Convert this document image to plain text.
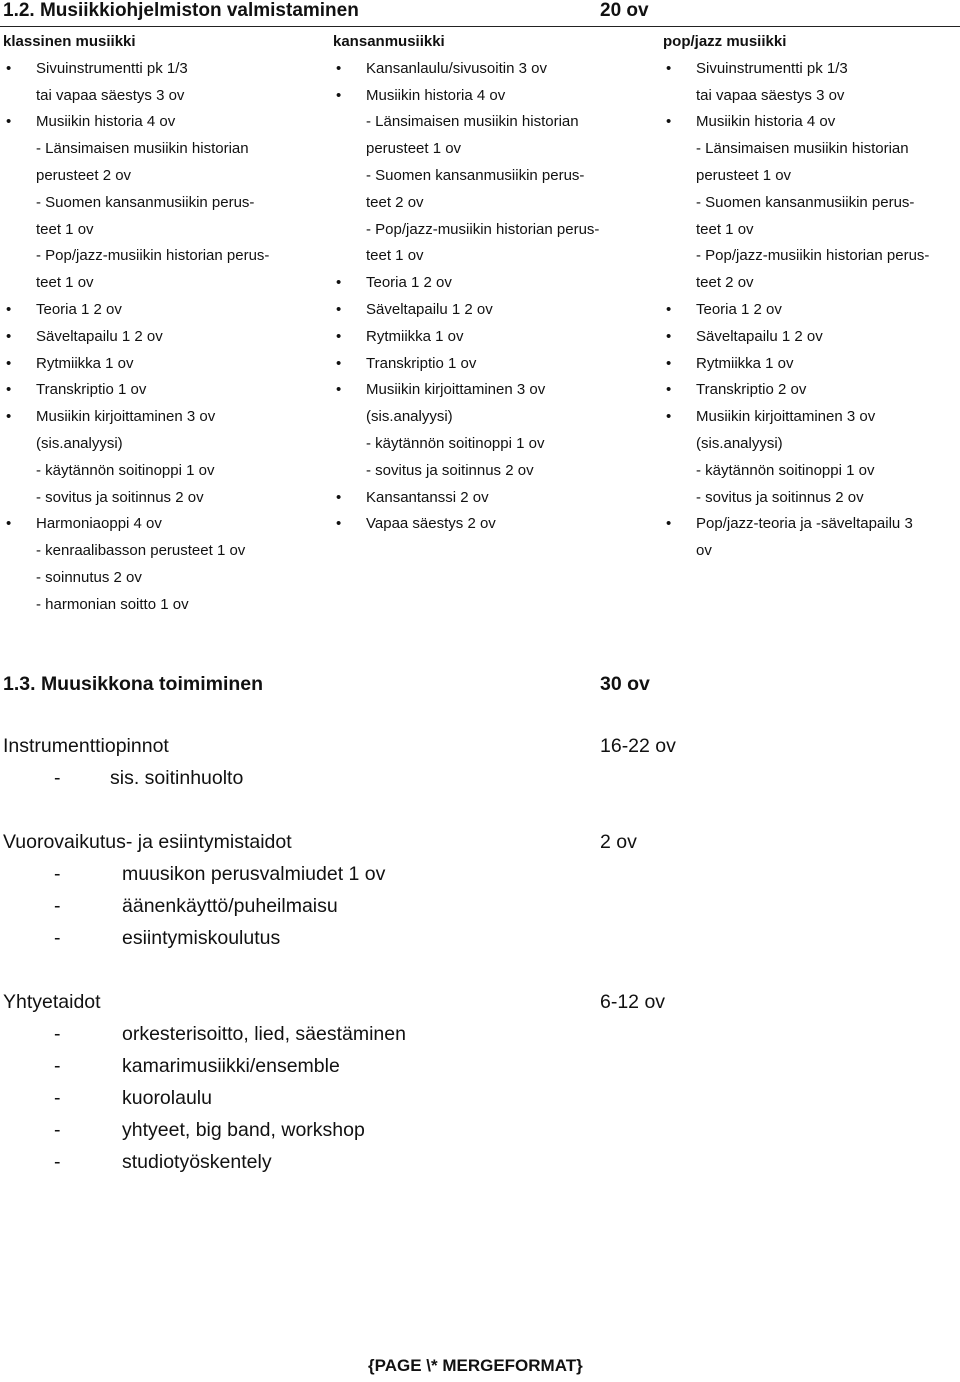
1.2. Musiikkiohjelmiston valmistaminen	20 ov
klassinen musiikki
• Sivuinstrumentti pk 1/3
tai vapaa säestys 3 ov
• Musiikin historia 4 ov
- Länsimaisen musiikin historian
perusteet 2 ov
- Suomen kansanmusiikin perus-
teet 1 ov
- Pop/jazz-musiikin historian perus-
teet 1 ov
• Teoria 1 2 ov
• Säveltapailu 1 2 ov
• Rytmiikka 1 ov
• Transkriptio 1 ov
• Musiikin kirjoittaminen 3 ov
(sis.analyysi)
- käytännön soitinoppi 1 ov
- sovitus ja soitinnus 2 ov
• Harmoniaoppi 4 ov
- kenraalibasson perusteet 1 ov
- soinnutus 2 ov
- harmonian soitto 1 ov
kansanmusiikki
• Kansanlaulu/sivusoitin 3 ov
• Musiikin historia 4 ov
- Länsimaisen musiikin historian
perusteet 1 ov
- Suomen kansanmusiikin perus-
teet 2 ov
- Pop/jazz-musiikin historian perus-
teet 1 ov
• Teoria 1 2 ov
• Säveltapailu 1 2 ov
• Rytmiikka 1 ov
• Transkriptio 1 ov
• Musiikin kirjoittaminen 3 ov
(sis.analyysi)
- käytännön soitinoppi 1 ov
- sovitus ja soitinnus 2 ov
• Kansantanssi 2 ov
• Vapaa säestys 2 ov
pop/jazz musiikki
• Sivuinstrumentti pk 1/3
tai vapaa säestys 3 ov
• Musiikin historia 4 ov
- Länsimaisen musiikin historian
perusteet 1 ov
- Suomen kansanmusiikin perus-
teet 1 ov
- Pop/jazz-musiikin historian perus-
teet 2 ov
• Teoria 1 2 ov
• Säveltapailu 1 2 ov
• Rytmiikka 1 ov
• Transkriptio 2 ov
• Musiikin kirjoittaminen 3 ov
(sis.analyysi)
- käytännön soitinoppi 1 ov
- sovitus ja soitinnus 2 ov
• Pop/jazz-teoria ja -säveltapailu 3
ov
1.3. Muusikkona toimiminen	30 ov
Instrumenttiopinnot	16-22 ov
-	sis. soitinhuolto
Vuorovaikutus- ja esiintymistaidot	2 ov
-	muusikon perusvalmiudet 1 ov
-	äänenkäyttö/puheilmaisu
-	esiintymiskoulutus
Yhtyetaidot	6-12 ov
-	orkesterisoitto, lied, säestäminen
-	kamarimusiikki/ensemble
-	kuorolaulu
-	yhtyeet, big band, workshop
-	studiotyöskentely
{PAGE \* MERGEFORMAT}
